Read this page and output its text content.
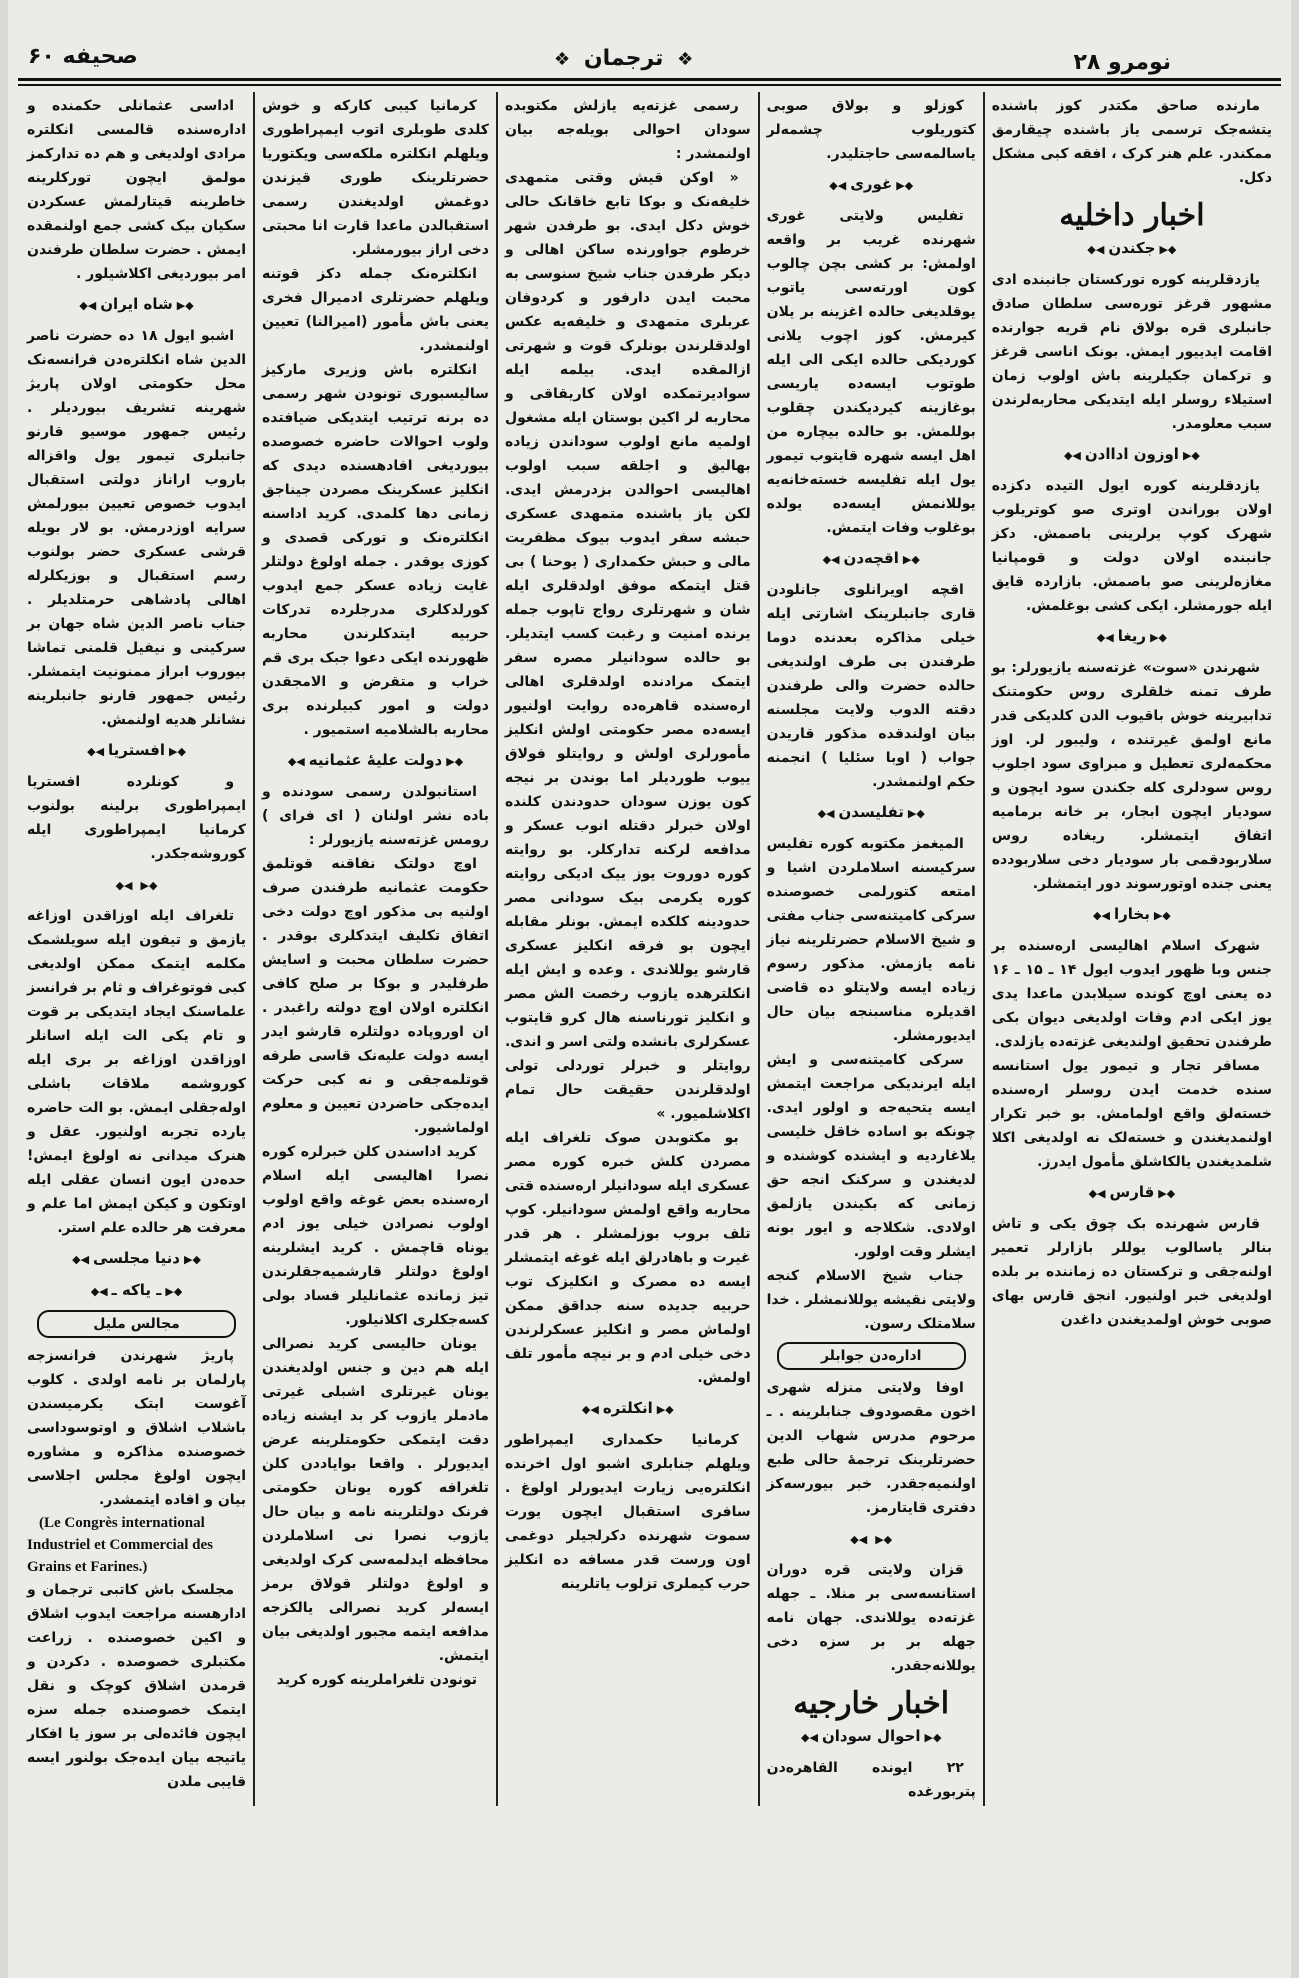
نومرو ۲۸
❖ ترجمان ❖
صحیفه ۶۰

مارنده صاحق مکتدر کوز باشنده یتشه‌جک ترسمی یاز باشنده چیقارمق ممکندر. علم هنر کرک ، افقه کبی مشکل دکل.

اخبار داخلیه
◆▶جکندن◀◆

یازدقلرینه کوره تورکستان جانبنده ادی مشهور قرغز توره‌سی سلطان صادق جانبلری قره بولاق نام قریه جوارنده اقامت ایدییور ایمش. بونک اناسی قرغز و ترکمان جکیلرینه باش اولوب زمان استیلاء روسلر ایله ایتدیکی محاربه‌لرندن سبب معلومدر.

◆▶اوزون اداادن◀◆

یازدقلرینه کوره ایول التیده دکزده اولان بوراندن اوتری صو کوتریلوب شهرک کوپ یرلرینی باصمش. دکز جانبنده اولان دولت و قومپانیا مغازه‌لرینی صو باصمش. بازارده قایق ایله جورمشلر. ایکی کشی بوغلمش.

◆▶ریغا◀◆

شهرندن «سوت» غزته‌سنه یازیورلر: بو طرف تمنه خلقلری روس حکومتنک تدابیرینه خوش باقیوب الدن کلدیکی قدر مانع اولمق غیرتنده ، ولیبور لر. اوز محکمه‌لری تعطیل و مبراوی سود اجلوب روس سودلری کله جکندن سود ایچون و سودیار ایچون ابجار، بر خانه برمامیه اتفاق ایتمشلر. ریغاده روس سلاربودقمی بار سودیار دخی سلاربودده یعنی جنده اوتورسوند دور ایتمشلر.

◆▶بخارا◀◆

شهرک اسلام اهالیسی اره‌سنده بر جنس وبا ظهور ایدوب ایول ۱۴ ـ ۱۵ ـ ۱۶ ده یعنی اوچ کونده سیلابدن ماعدا یدی یوز ایکی ادم وفات اولدیغی دیوان بکی طرفندن تحقیق اولندیغی غزته‌ده یازلدی.

مسافر تجار و تیمور یول استانسه سنده خدمت ایدن روسلر اره‌سنده خسته‌لق واقع اولمامش. بو خبر تکرار اولنمدیغندن و خسته‌لک نه اولدیغی اکلا شلمدیغندن یالکاشلق مأمول ایدرز.

◆▶قارس◀◆

قارس شهرنده بک چوق یکی و تاش بنالر یاسالوب یوللر بازارلر تعمیر اولنه‌جقی و ترکستان ده‌ زماننده بر بلده اولدیغی خبر اولنیور. انجق قارس بهای صوبی خوش اولمدیغندن داغدن

کوزلو و بولاق صوبی کتوریلوب چشمه‌لر یاسالمه‌سی حاجتلیدر.

◆▶غوری◀◆

تفلیس ولایتی غوری شهرنده غریب بر واقعه اولمش: بر کشی بچن چالوب کون اورته‌سی یاتوب یوقلدیغی حالده اغزینه بر یلان کیرمش. کوز اچوب یلانی کوردیکی حالده ایکی الی ایله طوتوب ایسه‌ده یاریسی بوغازینه کیردیکندن چقلوب بوللمش. بو حالده بیچاره من اهل ایسه شهره قایتوب تیمور یول ایله تفلیسه خسته‌خانه‌یه یوللانمش ایسه‌ده یولده بوغلوب وفات ایتمش.

◆▶اقچه‌دن◀◆

اقچه اویرانلوی جانلودن قاری جانبلرینک اشارتی ایله خیلی مذاکره بعدنده دوما طرفندن بی طرف اولندیغی حالده حضرت والی طرفندن دقته الدوب ولایت مجلسنه بیان اولندقده مذکور قاریدن جواب ( اوبا سئلیا ) انجمنه حکم اولنمشدر.

◆▶تفلیسدن◀◆

المیغمز مکتوبه کوره تفلیس سرکیسنه اسلاملردن اشیا و امتعه کتورلمی خصوصنده سرکی کامیتنه‌سی جناب مفتی و شیخ الاسلام حضرتلرینه نیاز نامه یازمش. مذکور رسوم زیاده ایسه ولایتلو ده قاضی اقدیلره مناسبنجه بیان حال ایدیورمشلر.

سرکی کامیتنه‌سی و ایش ایله ایرندیکی مراجعت ایتمش ایسه یتحیه‌جه و اولور ایدی. چونکه بو اساده خاقل خلیسی یلاغاردیه و ایشنده کوشنده و لدیغندن و سرکنک انجه حق زمانی که بکیندن یازلمق اولادی. شکلاجه و ایور بونه ایشلر وقت اولور.

جناب شیخ الاسلام کنجه ولایتی نقیشه یوللانمشلر . خدا سلامتلک رسون.

اداره‌دن جوابلر

اوفا ولایتی منزله شهری اخون مقصودوف جنابلرینه . ـ مرحوم مدرس شهاب الدین حضرتلرینک ترجمهٔ حالی طبع اولنمیه‌جقدر. خبر بیورسه‌کز دفتری قایتارمز.

◆▶◀◆

قزان ولایتی قره دوران استانسه‌سی بر منلا. ـ جهله غزته‌ده یوللاندی. جهان نامه جهله بر بر سزه دخی یوللانه‌جقدر.

اخبار خارجیه
◆▶احوال سودان◀◆

۲۲ ایونده القاهره‌دن پتربورغده

رسمی غزته‌یه یازلش مکتوبده سودان احوالی بویله‌جه بیان اولنمشدر :

« اوکن قیش وقتی متمهدی خلیفه‌نک و بوکا تابع خاقانک حالی خوش دکل ایدی. بو طرفدن شهر خرطوم جواورنده ساکن اهالی و دیکر طرفدن جناب شیخ سنوسی به محبت ایدن دارفور و کردوفان عربلری متمهدی و خلیفه‌یه عکس اولدقلرندن بونلرک قوت و شهرتی ازالمقده ایدی. بیلمه ایله سوادیرتمکده اولان کاریقاقی و محاربه لر اکین بوستان ایله مشغول اولمیه مانع اولوب سوداندن زیاده بهالیق و اجلقه سبب اولوب اهالیسی احوالدن بزدرمش ایدی. لکن یاز باشنده متمهدی عسکری حبشه سفر ایدوب بیوک مظفریت مالی و حبش حکمداری ( یوحنا ) بی قتل ایتمکه موفق اولدقلری ایله شان و شهرتلری رواج تاپوب جمله یرنده امنیت و رغبت کسب ایتدیلر. بو حالده سودانیلر مصره سفر ایتمک مرادنده اولدقلری اهالی اره‌سنده قاهره‌ده روایت اولنیور ایسه‌ده مصر حکومتی اولش انکلیز مأمورلری اولش و روایتلو فولاق ییوب طوردیلر اما بوندن بر نیجه کون یوزن سودان حدودندن کلنده اولان خبرلر دقتله انوب عسکر و مدافعه لرکنه تدارکلر. بو روایته کوره دوروت یوز ییک ادیکی روایته کوره یکرمی بیک سودانی مصر حدودینه کلکده ایمش. بونلر مقابله ایچون بو فرقه انکلیز عسکری قارشو یوللاندی . وعده و ایش ایله انکلترهده یازوب رخصت الش مصر و انکلیز تورناسنه هال کرو قایتوب عسکرلری بانشده ولتی اسر و اندی. روایتلر و خبرلر توردلی تولی اولدقلرندن حقیقت حال تمام اکلاشلمیور. »

بو مکتوبدن صوک تلغراف ایله مصردن کلش خبره کوره مصر عسکری ایله سودانیلر اره‌سنده قتی محاربه واقع اولمش سودانیلر. کوپ تلف بروب بوزلمشلر . هر قدر غیرت و باهادرلق ایله غوغه ایتمشلر ایسه ده مصرک و انکلیزک توب حربیه جدیده سنه جداقق ممکن اولماش مصر و انکلیز عسکرلرندن دخی خیلی ادم و بر نیچه مأمور تلف اولمش.

◆▶انکلتره◀◆

کرمانیا حکمداری ایمپراطور ویلهلم جنابلری اشبو اول اخرنده انکلتره‌یی زیارت ایدیورلر اولوغ . سافری استقبال ایچون یورت سموت شهرنده دکرلجیلر دوغمی اون ورست قدر مسافه ده انکلیز حرب کیملری تزلوب یاتلرینه

کرمانیا کیبی کارکه و خوش کلدی طوبلری اتوب ایمپراطوری ویلهلم انکلتره ملکه‌سی ویکتوریا حضرتلرینک طوری قیزندن دوغمش اولدیغندن رسمی استقبالدن ماعدا قارت انا محبتی دخی اراز بیورمشلر.

انکلتره‌نک جمله دکز قوتنه ویلهلم حضرتلری ادمیرال فخری یعنی باش مأمور (امیرالنا) تعیین اولنمشدر.

انکلتره باش وزیری مارکیز سالیسبوری تونودن شهر رسمی ده برنه ترتیب ایتدیکی ضیافتده ولوب احوالات حاضره خصوصده بیوردیغی افادهسنده دیدی که انکلیز عسکرینک مصردن جیناجق زمانی دها کلمدی. کرید اداسنه انکلتره‌نک و تورکی قصدی و کوزی یوقدر . جمله اولوغ دولتلر غایت زیاده عسکر جمع ایدوب کورلدکلری مدرجلرده تدرکات حربیه ایتدکلرندن محاربه ظهورنده ایکی دعوا جبک بری قم خراب و متقرض و الامجقدن دولت و امور کبیلرنده بری محاربه بالشلامیه استمیور .

◆▶دولت علیهٔ عثمانیه◀◆

استانبولدن رسمی سودنده و باده نشر اولنان ( ای فرای ) رومس غزته‌سنه یازیورلر :

اوچ دولتک نفاقنه قوتلمق حکومت عثمانیه طرفندن صرف اولنیه بی مذکور اوچ دولت دخی اتفاق تکلیف ایتدکلری بوقدر . حضرت سلطان محبت و اسایش طرفلیدر و بوکا بر صلح کافی انکلتره اولان اوچ دولته راغبدر . ان اوروپاده دولتلره قارشو ایدر ایسه دولت علیه‌نک قاسی طرفه قوتلمه‌جقی و نه کبی حرکت ایده‌جکی حاضردن تعیین و معلوم اولماشیور.

کرید اداسندن کلن خبرلره کوره نصرا اهالیسی ایله اسلام اره‌سنده بعض غوغه واقع اولوب اولوب نصرادن خیلی یوز ادم یوناه قاچمش . کرید ایشلرینه اولوغ دولتلر قارشمیه‌جقلرندن تیز زمانده عثمانلیلر فساد بولی کسه‌جکلری اکلانیلور.

یونان حالیسی کرید نصرالی ایله هم دین و جنس اولدیغندن یونان غیرتلری اشبلی غیرتی مادملر یازوب کر بد ایشنه زیاده دقت ایتمکی حکومتلرینه عرض ایدیورلر . واقعا بوایاددن کلن تلغرافه کوره یونان حکومتی فرنک دولتلرینه نامه و بیان حال یازوب نصرا نی اسلاملردن محافظه ایدلمه‌سی کرک اولدیغی و اولوغ دولتلر قولاق برمز ایسه‌لر کرید نصرالی یالکزجه مدافعه ایتمه مجبور اولدیغی بیان ایتمش.

تونودن تلغراملرینه کوره کرید

اداسی عثمانلی حکمنده و اداره‌سنده قالمسی انکلتره مرادی اولدیغی و هم ده تدارکمز مولمق ایچون تورکلرینه خاطرینه قیتارلمش عسکردن سکیان بیک کشی جمع اولنمقده ایمش . حضرت سلطان طرفندن امر بیوردیغی اکلاشیلور .

◆▶شاه ایران◀◆

اشبو ایول ۱۸ ده حضرت ناصر الدین شاه انکلتره‌دن فرانسه‌نک محل حکومتی اولان پاریژ شهرینه تشریف بیوردیلر . رئیس جمهور موسیو قارنو جانبلری تیمور یول واقزاله باروب اراناز دولتی استقبال ایدوب خصوص تعیین بیورلمش سرایه اوزدرمش. بو لار بویله قرشی عسکری حضر بولنوب رسم استقبال و بوزیکلرله اهالی پادشاهی حرمتلدیلر . جناب ناصر الدین شاه جهان بر سرکینی و نیفیل قلمنی تماشا بیوروب ابراز ممنونیت ایتمشلر. رئیس جمهور قارنو جانبلرینه نشانلر هدیه اولنمش.

◆▶افستریا◀◆

و کونلرده افستریا ایمپراطوری برلینه بولنوب کرمانیا ایمپراطوری ایله کوروشه‌جکدر.

◆▶◀◆

تلغراف ایله اوزاقدن اوزاغه یازمق و تیفون ایله سویلشمک مکلمه ایتمک ممکن اولدیغی کبی فوتوغراف و ثام بر فرانسز علماسنک ایجاد ایتدیکی بر قوت و تام یکی الت ایله اسانلر اوزاقدن اوزاغه بر بری ایله کوروشمه ملاقات باشلی اوله‌جقلی ایمش. بو الت حاضره یارده تجربه اولنیور. عقل و هنرک میدانی نه اولوغ ایمش! حده‌دن ایون انسان عقلی ایله اوتکون و کیکن ایمش اما علم و معرفت هر حالده علم استر.

◆▶دنیا مجلسی◀◆
◆▶ـ یاکه ـ◀◆
مجالس مليل

پاریژ شهرندن فرانسزجه پارلمان بر نامه اولدی . کلوب آغوست ابتک یکرمیسندن باشلاب اشلاق و اوتوسوداسی خصوصنده مذاکره و مشاوره ایچون اولوغ مجلس اجلاسی بیان و افاده ایتمشدر.

(Le Congrès international Industriel et Commercial des Grains et Farines.)

مجلسک باش کاتبی ترجمان و ادارهسنه مراجعت ایدوب اشلاق و اکین خصوصنده . زراعت مکتبلری خصوصده . دکردن و قرمدن اشلاق کوچک و نقل ایتمک خصوصنده جمله سزه ایچون فائده‌لی بر سوز یا افکار یاتیجه بیان ایده‌جک بولنور ایسه قایبی ملدن
